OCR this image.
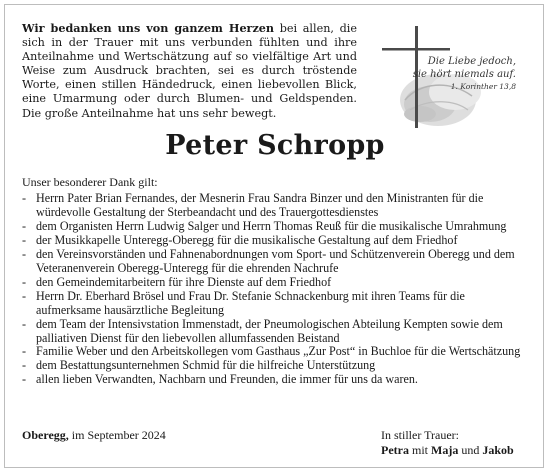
Wir bedanken uns von ganzem Herzen bei allen, die sich in der Trauer mit uns verbunden fühlten und ihre Anteilnahme und Wertschätzung auf so vielfältige Art und Weise zum Ausdruck brachten, sei es durch tröstende Worte, einen stillen Händedruck, einen liebevollen Blick, eine Umarmung oder durch Blumen- und Geldspenden. Die große Anteilnahme hat uns sehr bewegt.

Die Liebe jedoch,
sie hört niemals auf.
1. Korinther 13,8
Peter Schropp
Unser besonderer Dank gilt:
- Herrn Pater Brian Fernandes, der Mesnerin Frau Sandra Binzer und den Ministranten für die würdevolle Gestaltung der Sterbeandacht und des Trauergottesdienstes
- dem Organisten Herrn Ludwig Salger und Herrn Thomas Reuß für die musikalische Umrahmung
- der Musikkapelle Unteregg-Oberegg für die musikalische Gestaltung auf dem Friedhof
- den Vereinsvorständen und Fahnenabordnungen vom Sport- und Schützenverein Oberegg und dem Veteranenverein Oberegg-Unteregg für die ehrenden Nachrufe
- den Gemeindemitarbeitern für ihre Dienste auf dem Friedhof
- Herrn Dr. Eberhard Brösel und Frau Dr. Stefanie Schnackenburg mit ihren Teams für die aufmerksame hausärztliche Begleitung
- dem Team der Intensivstation Immenstadt, der Pneumologischen Abteilung Kempten sowie dem palliativen Dienst für den liebevollen allumfassenden Beistand
- Familie Weber und den Arbeitskollegen vom Gasthaus „Zur Post“ in Buchloe für die Wertschätzung
- dem Bestattungsunternehmen Schmid für die hilfreiche Unterstützung
- allen lieben Verwandten, Nachbarn und Freunden, die immer für uns da waren.
Oberegg, im September 2024	In stiller Trauer:
Petra mit Maja und Jakob
